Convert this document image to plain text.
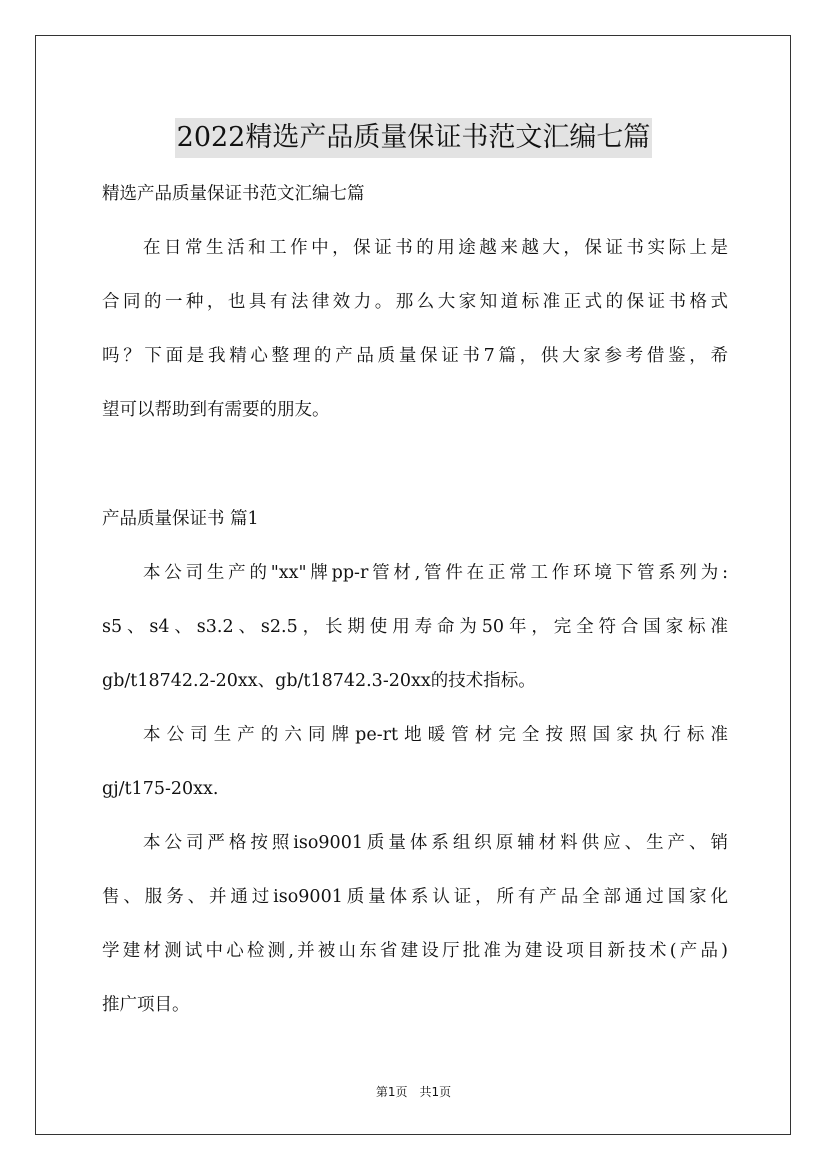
2022精选产品质量保证书范文汇编七篇
精选产品质量保证书范文汇编七篇
在日常生活和工作中，保证书的用途越来越大，保证书实际上是
合同的一种，也具有法律效力。那么大家知道标准正式的保证书格式
吗？下面是我精心整理的产品质量保证书7篇，供大家参考借鉴，希
望可以帮助到有需要的朋友。
产品质量保证书 篇1
本公司生产的"xx"牌pp-r管材,管件在正常工作环境下管系列为:
s5、s4、s3.2、s2.5，长期使用寿命为50年，完全符合国家标准
gb/t18742.2-20xx、gb/t18742.3-20xx的技术指标。
本公司生产的六同牌pe-rt地暖管材完全按照国家执行标准
gj/t175-20xx.
本公司严格按照iso9001质量体系组织原辅材料供应、生产、销
售、服务、并通过iso9001质量体系认证，所有产品全部通过国家化
学建材测试中心检测,并被山东省建设厅批准为建设项目新技术(产品)
推广项目。
第1页　共1页
